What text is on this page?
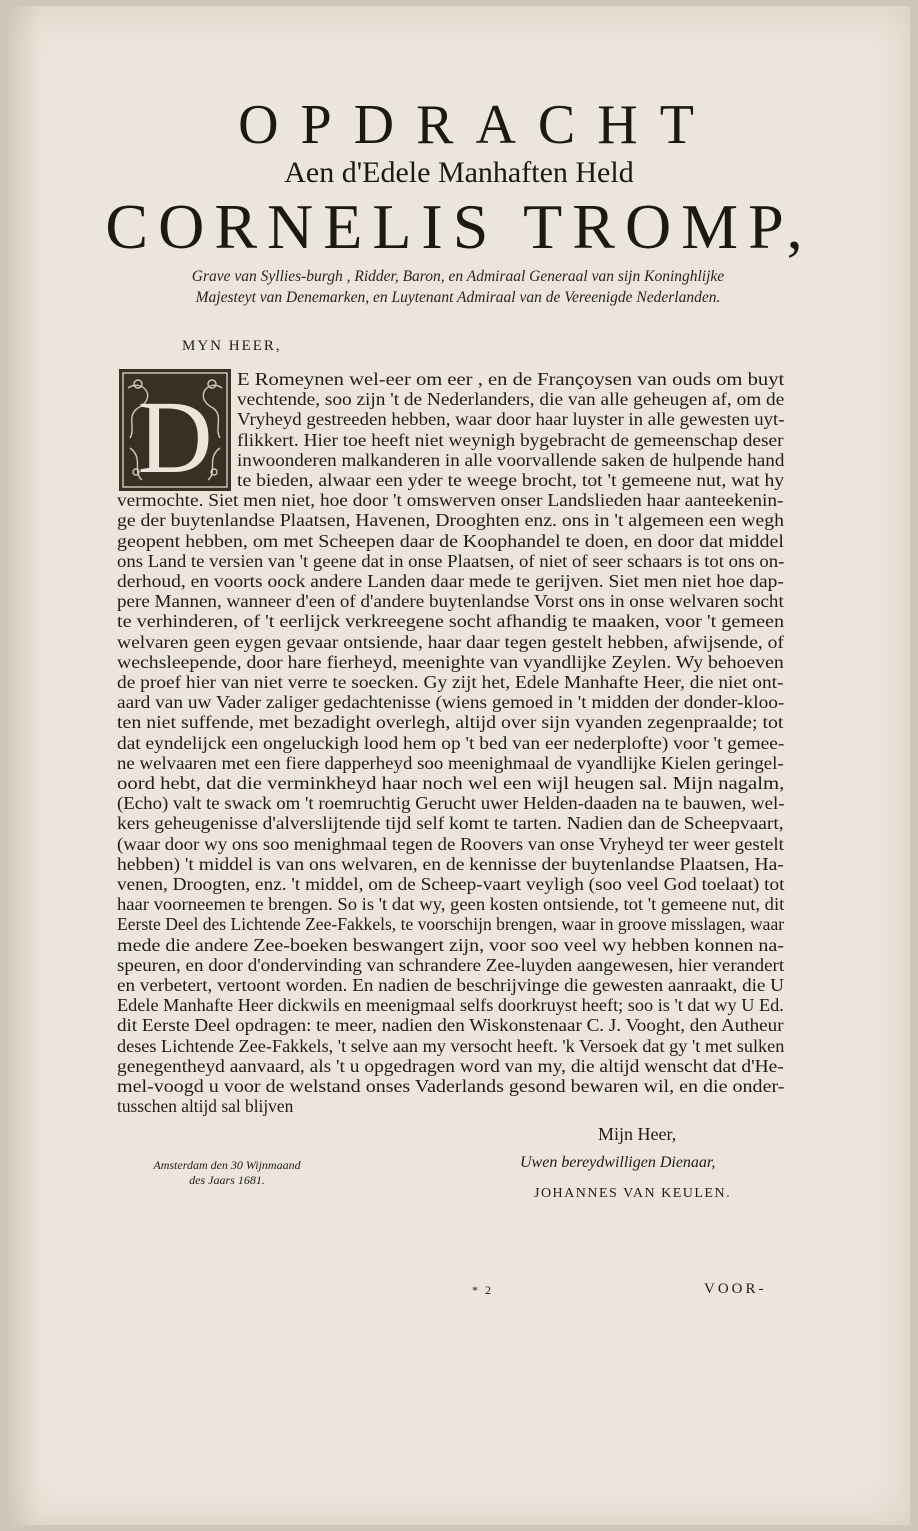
OPDRACHT
Aen d'Edele Manhaften Held
CORNELIS TROMP,
Grave van Syllies-burgh , Ridder, Baron, en Admiraal Generaal van sijn Koninghlijke
Majesteyt van Denemarken, en Luytenant Admiraal van de Vereenigde Nederlanden.
MYN HEER,
D
E Romeynen wel-eer om eer , en de Françoysen van ouds om buyt
vechtende, soo zijn 't de Nederlanders, die van alle geheugen af, om de
Vryheyd gestreeden hebben, waar door haar luyster in alle gewesten uyt-
flikkert. Hier toe heeft niet weynigh bygebracht de gemeenschap deser
inwoonderen malkanderen in alle voorvallende saken de hulpende hand
te bieden, alwaar een yder te weege brocht, tot 't gemeene nut, wat hy
vermochte. Siet men niet, hoe door 't omswerven onser Landslieden haar aanteekenin-
ge der buytenlandse Plaatsen, Havenen, Drooghten enz. ons in 't algemeen een wegh
geopent hebben, om met Scheepen daar de Koophandel te doen, en door dat middel
ons Land te versien van 't geene dat in onse Plaatsen, of niet of seer schaars is tot ons on-
derhoud, en voorts oock andere Landen daar mede te gerijven. Siet men niet hoe dap-
pere Mannen, wanneer d'een of d'andere buytenlandse Vorst ons in onse welvaren socht
te verhinderen, of 't eerlijck verkreegene socht afhandig te maaken, voor 't gemeen
welvaren geen eygen gevaar ontsiende, haar daar tegen gestelt hebben, afwijsende, of
wechsleepende, door hare fierheyd, meenighte van vyandlijke Zeylen. Wy behoeven
de proef hier van niet verre te soecken. Gy zijt het, Edele Manhafte Heer, die niet ont-
aard van uw Vader zaliger gedachtenisse (wiens gemoed in 't midden der donder-kloo-
ten niet suffende, met bezadight overlegh, altijd over sijn vyanden zegenpraalde; tot
dat eyndelijck een ongeluckigh lood hem op 't bed van eer nederplofte) voor 't gemee-
ne welvaaren met een fiere dapperheyd soo meenighmaal de vyandlijke Kielen geringel-
oord hebt, dat die verminkheyd haar noch wel een wijl heugen sal. Mijn nagalm,
(Echo) valt te swack om 't roemruchtig Gerucht uwer Helden-daaden na te bauwen, wel-
kers geheugenisse d'alverslijtende tijd self komt te tarten. Nadien dan de Scheepvaart,
(waar door wy ons soo menighmaal tegen de Roovers van onse Vryheyd ter weer gestelt
hebben) 't middel is van ons welvaren, en de kennisse der buytenlandse Plaatsen, Ha-
venen, Droogten, enz. 't middel, om de Scheep-vaart veyligh (soo veel God toelaat) tot
haar voorneemen te brengen. So is 't dat wy, geen kosten ontsiende, tot 't gemeene nut, dit
Eerste Deel des Lichtende Zee-Fakkels, te voorschijn brengen, waar in groove misslagen, waar
mede die andere Zee-boeken beswangert zijn, voor soo veel wy hebben konnen na-
speuren, en door d'ondervinding van schrandere Zee-luyden aangewesen, hier verandert
en verbetert, vertoont worden. En nadien de beschrijvinge die gewesten aanraakt, die U
Edele Manhafte Heer dickwils en meenigmaal selfs doorkruyst heeft; soo is 't dat wy U Ed.
dit Eerste Deel opdragen: te meer, nadien den Wiskonstenaar C. J. Vooght, den Autheur
deses Lichtende Zee-Fakkels, 't selve aan my versocht heeft. 'k Versoek dat gy 't met sulken
genegentheyd aanvaard, als 't u opgedragen word van my, die altijd wenscht dat d'He-
mel-voogd u voor de welstand onses Vaderlands gesond bewaren wil, en die onder-
tusschen altijd sal blijven
Mijn Heer,
Amsterdam den 30 Wijnmaand
des Jaars 1681.
Uwen bereydwilligen Dienaar,
JOHANNES VAN KEULEN.
* 2	VOOR-
